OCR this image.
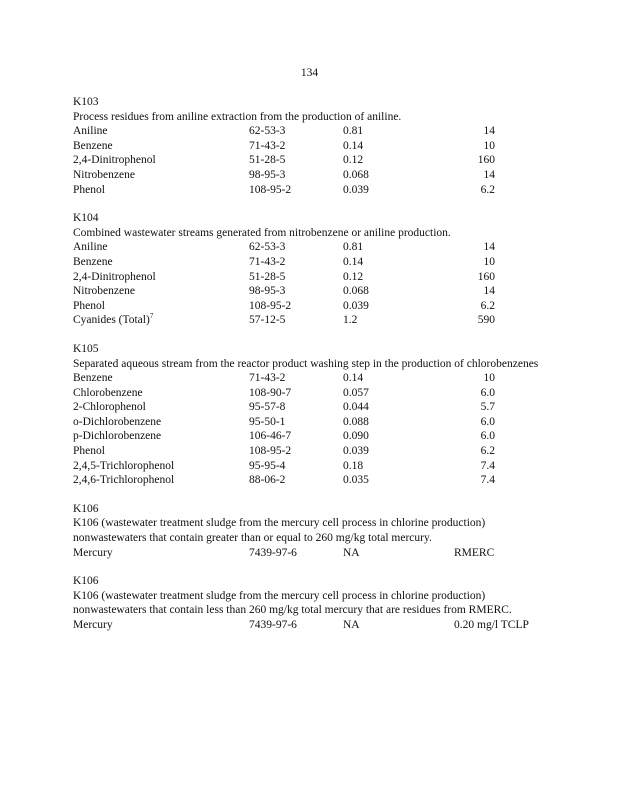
134
K103
Process residues from aniline extraction from the production of aniline.
Aniline	62-53-3	0.81	14
Benzene	71-43-2	0.14	10
2,4-Dinitrophenol	51-28-5	0.12	160
Nitrobenzene	98-95-3	0.068	14
Phenol	108-95-2	0.039	6.2
K104
Combined wastewater streams generated from nitrobenzene or aniline production.
Aniline	62-53-3	0.81	14
Benzene	71-43-2	0.14	10
2,4-Dinitrophenol	51-28-5	0.12	160
Nitrobenzene	98-95-3	0.068	14
Phenol	108-95-2	0.039	6.2
Cyanides (Total)$^7$	57-12-5	1.2	590
K105
Separated aqueous stream from the reactor product washing step in the production of chlorobenzenes
Benzene	71-43-2	0.14	10
Chlorobenzene	108-90-7	0.057	6.0
2-Chlorophenol	95-57-8	0.044	5.7
o-Dichlorobenzene	95-50-1	0.088	6.0
p-Dichlorobenzene	106-46-7	0.090	6.0
Phenol	108-95-2	0.039	6.2
2,4,5-Trichlorophenol	95-95-4	0.18	7.4
2,4,6-Trichlorophenol	88-06-2	0.035	7.4
K106
K106 (wastewater treatment sludge from the mercury cell process in chlorine production) nonwastewaters that contain greater than or equal to 260 mg/kg total mercury.
Mercury	7439-97-6	NA	RMERC
K106
K106 (wastewater treatment sludge from the mercury cell process in chlorine production) nonwastewaters that contain less than 260 mg/kg total mercury that are residues from RMERC.
Mercury	7439-97-6	NA	0.20 mg/l TCLP
